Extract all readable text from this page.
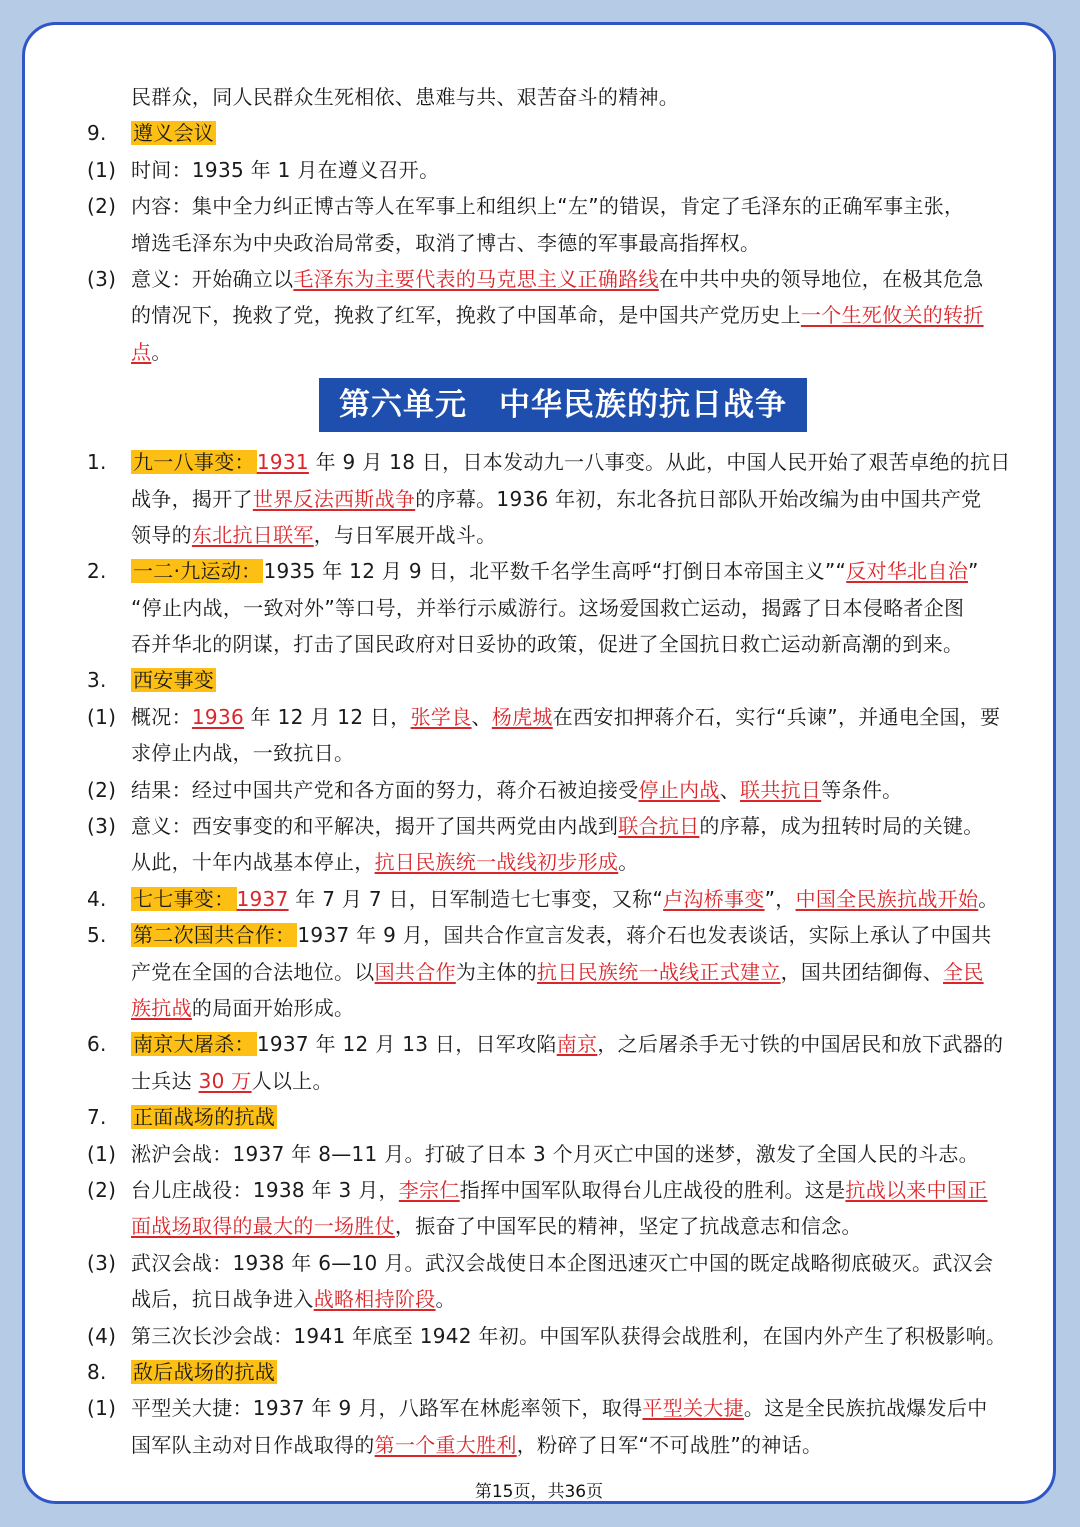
民群众，同人民群众生死相依、患难与共、艰苦奋斗的精神。
9. 遵义会议
(1) 时间：1935 年 1 月在遵义召开。
(2) 内容：集中全力纠正博古等人在军事上和组织上“左”的错误，肯定了毛泽东的正确军事主张，
增选毛泽东为中央政治局常委，取消了博古、李德的军事最高指挥权。
(3) 意义：开始确立以毛泽东为主要代表的马克思主义正确路线在中共中央的领导地位，在极其危急
的情况下，挽救了党，挽救了红军，挽救了中国革命，是中国共产党历史上一个生死攸关的转折
点。
第六单元　中华民族的抗日战争
1. 九一八事变： 1931 年 9 月 18 日，日本发动九一八事变。从此，中国人民开始了艰苦卓绝的抗日
战争，揭开了世界反法西斯战争的序幕。1936 年初，东北各抗日部队开始改编为由中国共产党
领导的东北抗日联军，与日军展开战斗。
2. 一二·九运动： 1935 年 12 月 9 日，北平数千名学生高呼“打倒日本帝国主义”“反对华北自治”
“停止内战，一致对外”等口号，并举行示威游行。这场爱国救亡运动，揭露了日本侵略者企图
吞并华北的阴谋，打击了国民政府对日妥协的政策，促进了全国抗日救亡运动新高潮的到来。
3. 西安事变
(1) 概况：1936 年 12 月 12 日，张学良、杨虎城在西安扣押蒋介石，实行“兵谏”，并通电全国，要
求停止内战，一致抗日。
(2) 结果：经过中国共产党和各方面的努力，蒋介石被迫接受停止内战、联共抗日等条件。
(3) 意义：西安事变的和平解决，揭开了国共两党由内战到联合抗日的序幕，成为扭转时局的关键。
从此，十年内战基本停止，抗日民族统一战线初步形成。
4. 七七事变： 1937 年 7 月 7 日，日军制造七七事变，又称“卢沟桥事变”，中国全民族抗战开始。
5. 第二次国共合作： 1937 年 9 月，国共合作宣言发表，蒋介石也发表谈话，实际上承认了中国共
产党在全国的合法地位。以国共合作为主体的抗日民族统一战线正式建立，国共团结御侮、全民
族抗战的局面开始形成。
6. 南京大屠杀： 1937 年 12 月 13 日，日军攻陷南京，之后屠杀手无寸铁的中国居民和放下武器的
士兵达 30 万人以上。
7. 正面战场的抗战
(1) 淞沪会战：1937 年 8—11 月。打破了日本 3 个月灭亡中国的迷梦，激发了全国人民的斗志。
(2) 台儿庄战役：1938 年 3 月，李宗仁指挥中国军队取得台儿庄战役的胜利。这是抗战以来中国正
面战场取得的最大的一场胜仗，振奋了中国军民的精神，坚定了抗战意志和信念。
(3) 武汉会战：1938 年 6—10 月。武汉会战使日本企图迅速灭亡中国的既定战略彻底破灭。武汉会
战后，抗日战争进入战略相持阶段。
(4) 第三次长沙会战：1941 年底至 1942 年初。中国军队获得会战胜利，在国内外产生了积极影响。
8. 敌后战场的抗战
(1) 平型关大捷：1937 年 9 月，八路军在林彪率领下，取得平型关大捷。这是全民族抗战爆发后中
国军队主动对日作战取得的第一个重大胜利，粉碎了日军“不可战胜”的神话。
第15页，共36页
